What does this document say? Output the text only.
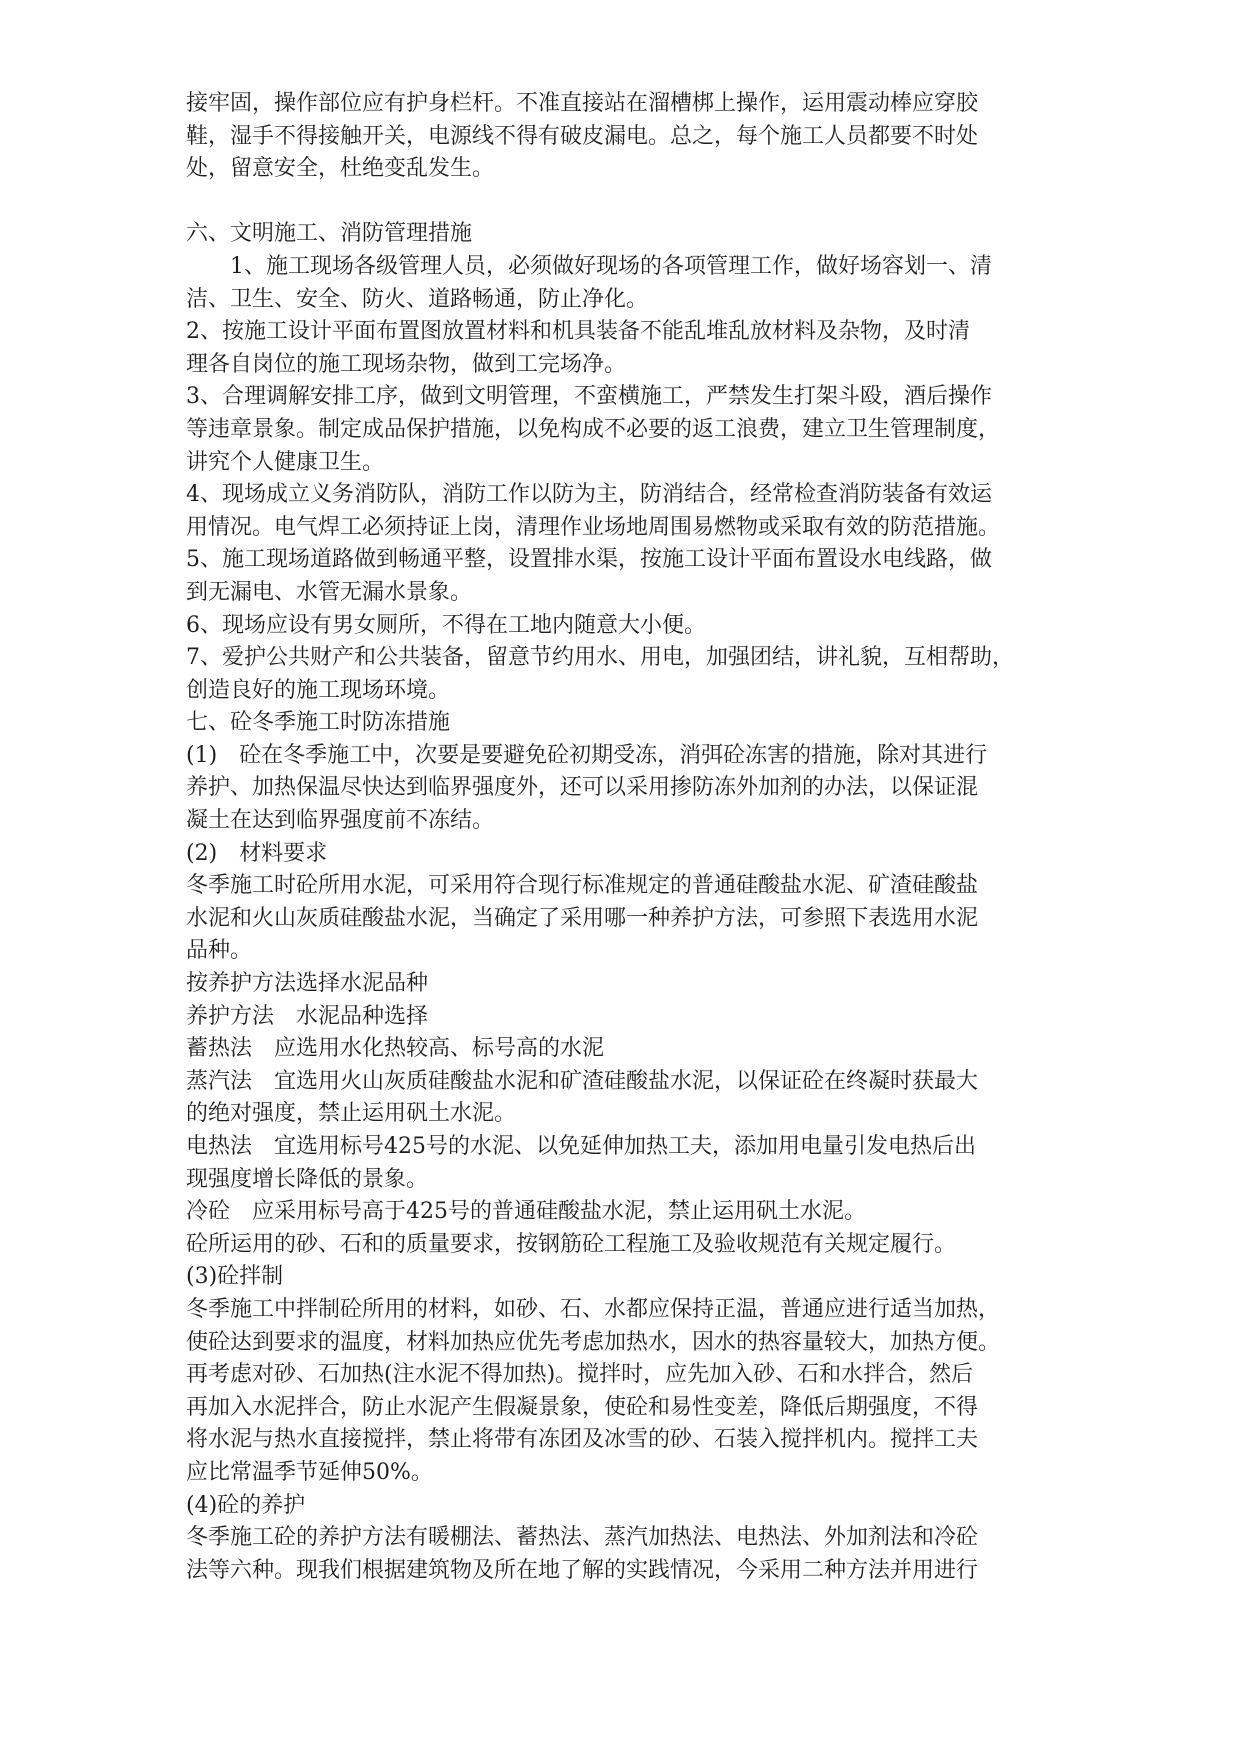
接牢固，操作部位应有护身栏杆。不准直接站在溜槽梆上操作，运用震动棒应穿胶
鞋，湿手不得接触开关，电源线不得有破皮漏电。总之，每个施工人员都要不时处
处，留意安全，杜绝变乱发生。
六、文明施工、消防管理措施
1、施工现场各级管理人员，必须做好现场的各项管理工作，做好场容划一、清
洁、卫生、安全、防火、道路畅通，防止净化。
2、按施工设计平面布置图放置材料和机具装备不能乱堆乱放材料及杂物，及时清
理各自岗位的施工现场杂物，做到工完场净。
3、合理调解安排工序，做到文明管理，不蛮横施工，严禁发生打架斗殴，酒后操作
等违章景象。制定成品保护措施，以免构成不必要的返工浪费，建立卫生管理制度，
讲究个人健康卫生。
4、现场成立义务消防队，消防工作以防为主，防消结合，经常检查消防装备有效运
用情况。电气焊工必须持证上岗，清理作业场地周围易燃物或采取有效的防范措施。
5、施工现场道路做到畅通平整，设置排水渠，按施工设计平面布置设水电线路，做
到无漏电、水管无漏水景象。
6、现场应设有男女厕所，不得在工地内随意大小便。
7、爱护公共财产和公共装备，留意节约用水、用电，加强团结，讲礼貌，互相帮助，
创造良好的施工现场环境。
七、砼冬季施工时防冻措施
(1)　砼在冬季施工中，次要是要避免砼初期受冻，消弭砼冻害的措施，除对其进行
养护、加热保温尽快达到临界强度外，还可以采用掺防冻外加剂的办法，以保证混
凝土在达到临界强度前不冻结。
(2)　材料要求
冬季施工时砼所用水泥，可采用符合现行标准规定的普通硅酸盐水泥、矿渣硅酸盐
水泥和火山灰质硅酸盐水泥，当确定了采用哪一种养护方法，可参照下表选用水泥
品种。
按养护方法选择水泥品种
养护方法　水泥品种选择
蓄热法　应选用水化热较高、标号高的水泥
蒸汽法　宜选用火山灰质硅酸盐水泥和矿渣硅酸盐水泥，以保证砼在终凝时获最大
的绝对强度，禁止运用矾土水泥。
电热法　宜选用标号425号的水泥、以免延伸加热工夫，添加用电量引发电热后出
现强度增长降低的景象。
冷砼　应采用标号高于425号的普通硅酸盐水泥，禁止运用矾土水泥。
砼所运用的砂、石和的质量要求，按钢筋砼工程施工及验收规范有关规定履行。
(3)砼拌制
冬季施工中拌制砼所用的材料，如砂、石、水都应保持正温，普通应进行适当加热，
使砼达到要求的温度，材料加热应优先考虑加热水，因水的热容量较大，加热方便。
再考虑对砂、石加热(注水泥不得加热)。搅拌时，应先加入砂、石和水拌合，然后
再加入水泥拌合，防止水泥产生假凝景象，使砼和易性变差，降低后期强度，不得
将水泥与热水直接搅拌，禁止将带有冻团及冰雪的砂、石装入搅拌机内。搅拌工夫
应比常温季节延伸50%。
(4)砼的养护
冬季施工砼的养护方法有暖棚法、蓄热法、蒸汽加热法、电热法、外加剂法和冷砼
法等六种。现我们根据建筑物及所在地了解的实践情况，今采用二种方法并用进行
